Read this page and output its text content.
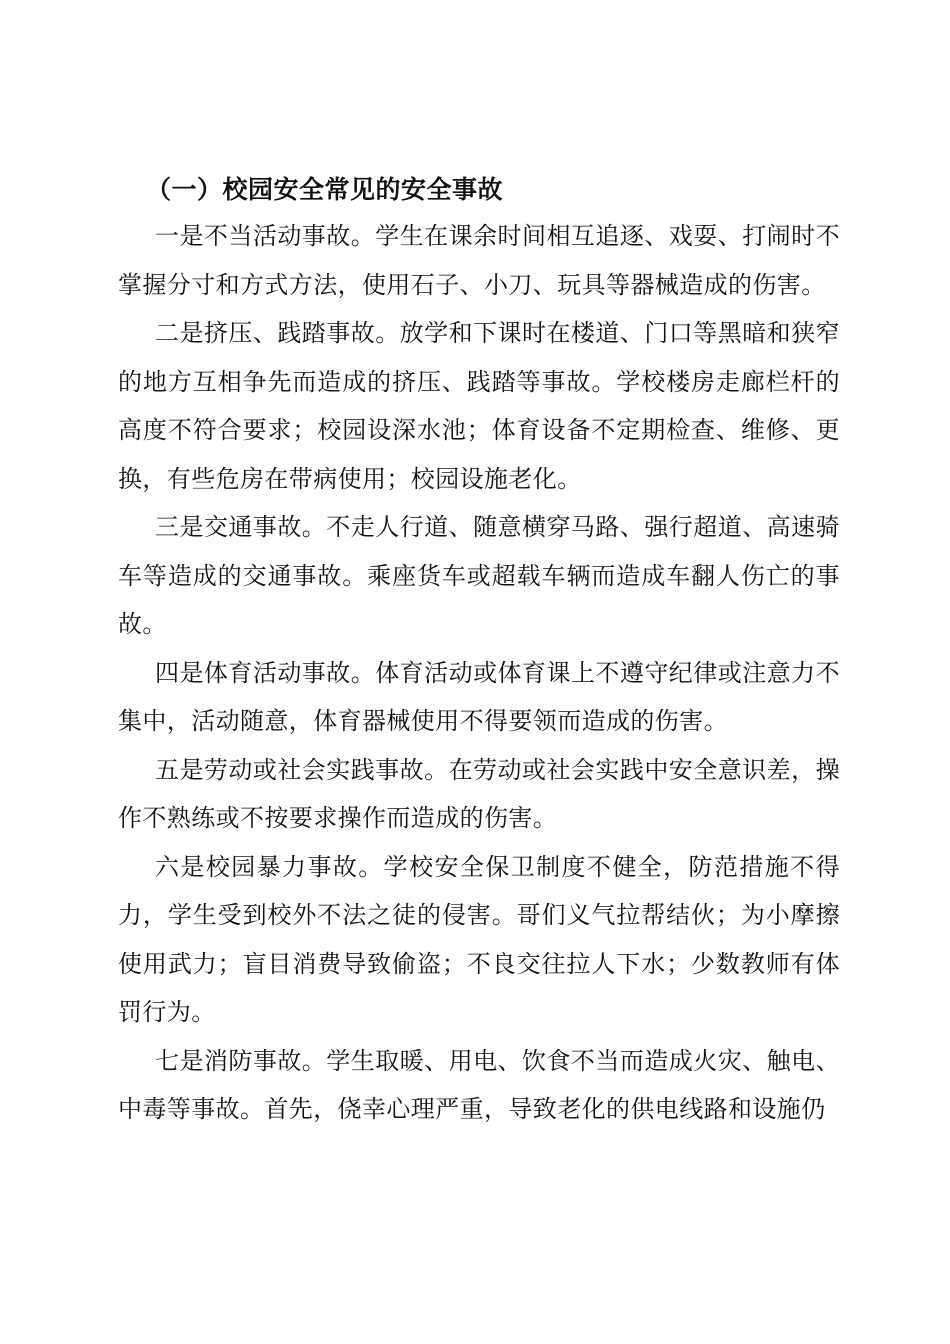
（一）校园安全常见的安全事故

一是不当活动事故。学生在课余时间相互追逐、戏耍、打闹时不掌握分寸和方式方法，使用石子、小刀、玩具等器械造成的伤害。

二是挤压、践踏事故。放学和下课时在楼道、门口等黑暗和狭窄的地方互相争先而造成的挤压、践踏等事故。学校楼房走廊栏杆的高度不符合要求；校园设深水池；体育设备不定期检查、维修、更换，有些危房在带病使用；校园设施老化。

三是交通事故。不走人行道、随意横穿马路、强行超道、高速骑车等造成的交通事故。乘座货车或超载车辆而造成车翻人伤亡的事故。

四是体育活动事故。体育活动或体育课上不遵守纪律或注意力不集中，活动随意，体育器械使用不得要领而造成的伤害。

五是劳动或社会实践事故。在劳动或社会实践中安全意识差，操作不熟练或不按要求操作而造成的伤害。

六是校园暴力事故。学校安全保卫制度不健全，防范措施不得力，学生受到校外不法之徒的侵害。哥们义气拉帮结伙；为小摩擦使用武力；盲目消费导致偷盗；不良交往拉人下水；少数教师有体罚行为。

七是消防事故。学生取暖、用电、饮食不当而造成火灾、触电、中毒等事故。首先，侥幸心理严重，导致老化的供电线路和设施仍
